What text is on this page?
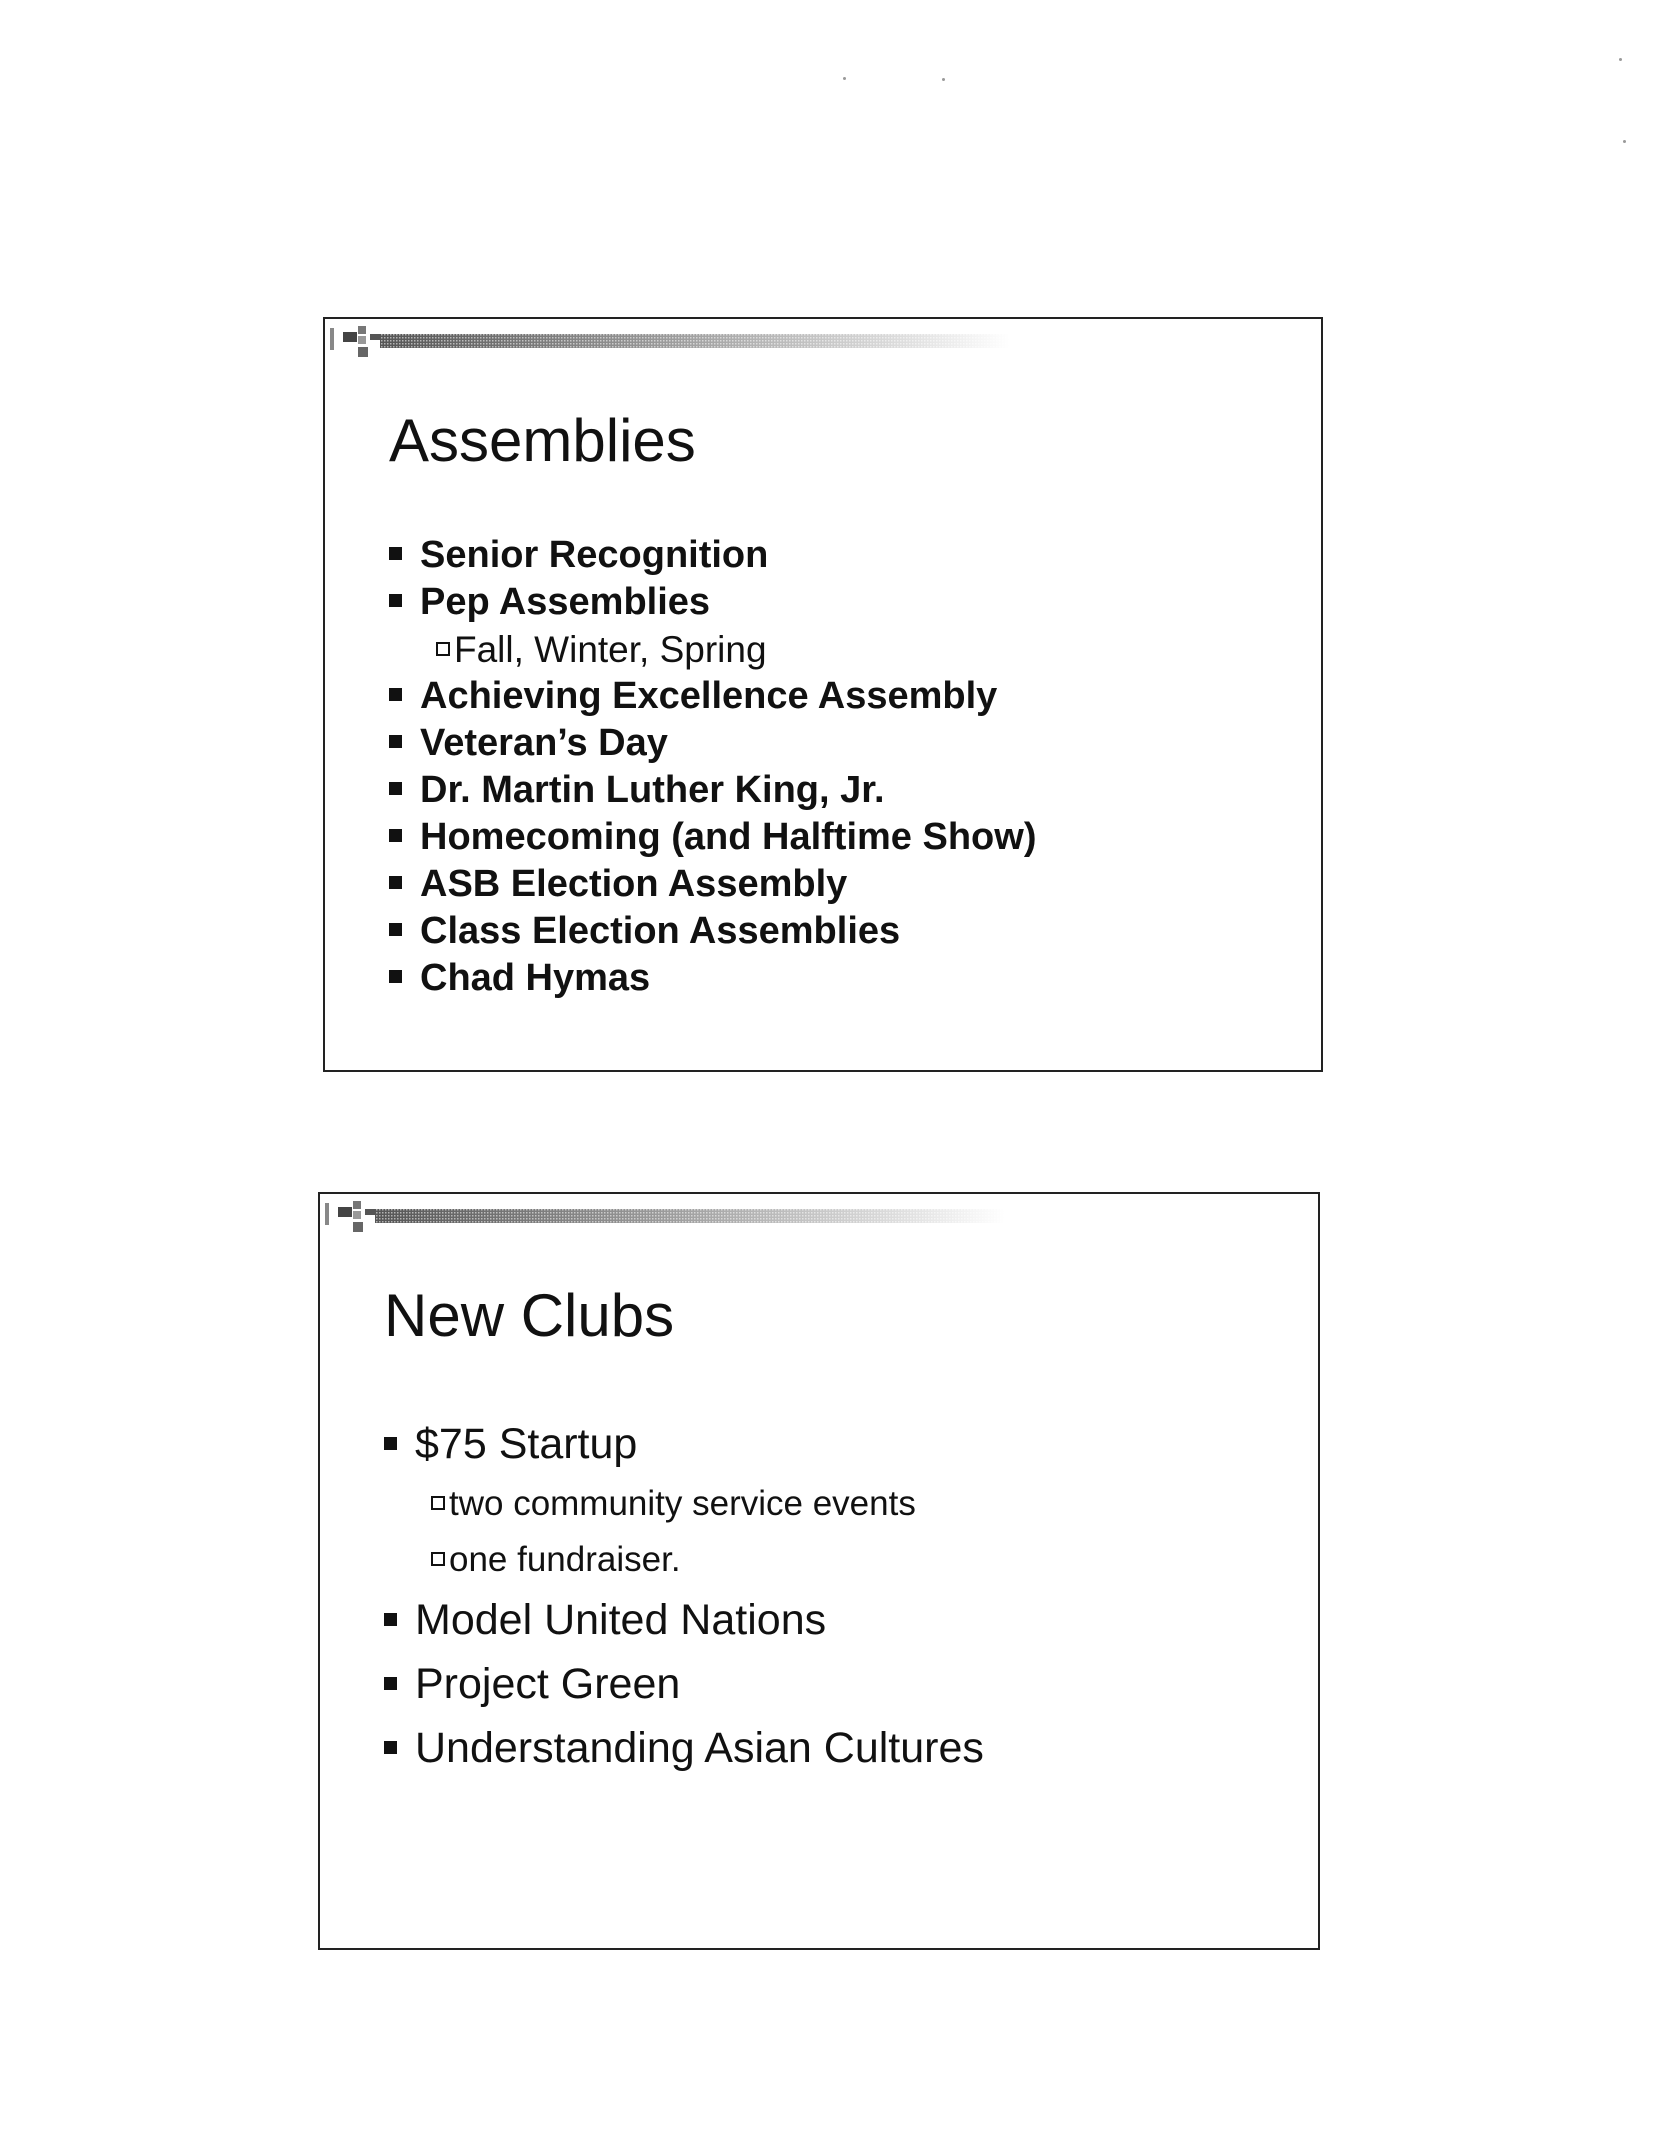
Assemblies
Senior Recognition
Pep Assemblies
Fall, Winter, Spring
Achieving Excellence Assembly
Veteran’s Day
Dr. Martin Luther King, Jr.
Homecoming (and Halftime Show)
ASB Election Assembly
Class Election Assemblies
Chad Hymas
New Clubs
$75 Startup
two community service events
one fundraiser.
Model United Nations
Project Green
Understanding Asian Cultures
